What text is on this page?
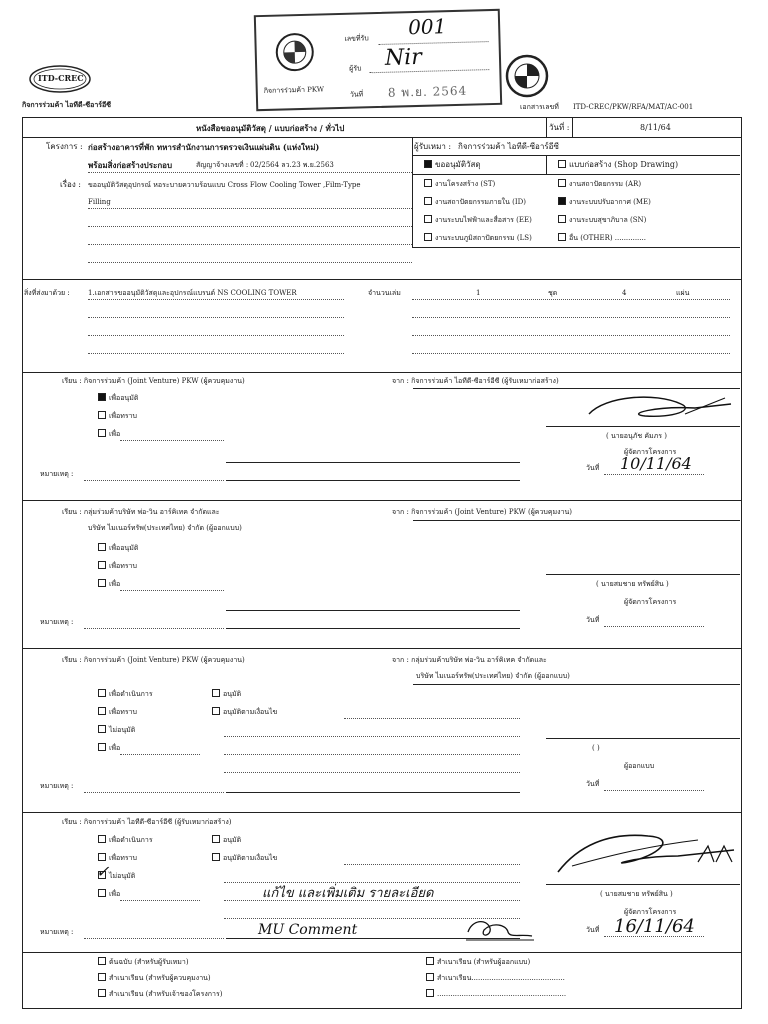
ITD-CREC
กิจการร่วมค้า ไอทีดี-ซีอาร์อีซี
เลขที่รับ 001
ผู้รับ Nir
กิจการร่วมค้า PKW	วันที่ 8 พ.ย. 2564
เอกสารเลขที่ ITD-CREC/PKW/RFA/MAT/AC-001
หนังสือขออนุมัติวัสดุ / แบบก่อสร้าง / ทั่วไป	วันที่ :	8/11/64
โครงการ : ก่อสร้างอาคารที่พัก ทหารสำนักงานการตรวจเงินแผ่นดิน (แห่งใหม่)
พร้อมสิ่งก่อสร้างประกอบ	สัญญาจ้างเลขที่ : 02/2564 ลว.23 พ.ย.2563
เรื่อง : ขออนุมัติวัสดุอุปกรณ์ หอระบายความร้อนแบบ Cross Flow Cooling Tower ,Film-Type
Filling
ผู้รับเหมา : กิจการร่วมค้า ไอทีดี-ซีอาร์อีซี
ขออนุมัติวัสดุ	แบบก่อสร้าง (Shop Drawing)
งานโครงสร้าง (ST)	งานสถาปัตยกรรม (AR)
งานสถาปัตยกรรมภายใน (ID)	งานระบบปรับอากาศ (ME)
งานระบบไฟฟ้าและสื่อสาร (EE)	งานระบบสุขาภิบาล (SN)
งานระบบภูมิสถาปัตยกรรม (LS)	อื่น (OTHER) ..............
สิ่งที่ส่งมาด้วย :	1.เอกสารขออนุมัติวัสดุและอุปกรณ์แบรนด์ NS COOLING TOWER	จำนวนเล่ม	1	ชุด	4	แผ่น
เรียน : กิจการร่วมค้า (Joint Venture) PKW (ผู้ควบคุมงาน)	จาก : กิจการร่วมค้า ไอทีดี-ซีอาร์อีซี (ผู้รับเหมาก่อสร้าง)
เพื่ออนุมัติ
เพื่อทราบ
เพื่อ	( นายอนุภัช คัมภร )
ผู้จัดการโครงการ
วันที่ 10/11/64
หมายเหตุ :
เรียน : กลุ่มร่วมค้าบริษัท พ่อ-วิน อาร์คิเทค จำกัดและ
บริษัท ไมเนอร์ทรัพ(ประเทศไทย) จำกัด (ผู้ออกแบบ)
จาก : กิจการร่วมค้า (Joint Venture) PKW (ผู้ควบคุมงาน)
เพื่ออนุมัติ
เพื่อทราบ
เพื่อ	( นายสมชาย ทรัพย์สิน )
ผู้จัดการโครงการ
วันที่
หมายเหตุ :
เรียน : กิจการร่วมค้า (Joint Venture) PKW (ผู้ควบคุมงาน)	จาก : กลุ่มร่วมค้าบริษัท พ่อ-วิน อาร์คิเทค จำกัดและ
บริษัท ไมเนอร์ทรัพ(ประเทศไทย) จำกัด (ผู้ออกแบบ)
เพื่อดำเนินการ
เพื่อทราบ
ไม่อนุมัติ
เพื่อ
อนุมัติ
อนุมัติตามเงื่อนไข
( )
ผู้ออกแบบ
วันที่
หมายเหตุ :
เรียน : กิจการร่วมค้า ไอทีดี-ซีอาร์อีซี (ผู้รับเหมาก่อสร้าง)
เพื่อดำเนินการ
เพื่อทราบ
ไม่อนุมัติ
✓
เพื่อ
อนุมัติ
อนุมัติตามเงื่อนไข
แก้ไข และเพิ่มเติม รายละเอียด
MU Comment
( นายสมชาย ทรัพย์สิน )
ผู้จัดการโครงการ
วันที่ 16/11/64
หมายเหตุ :
ต้นฉบับ (สำหรับผู้รับเหมา)
สำเนาเรียน (สำหรับผู้ควบคุมงาน)
สำเนาเรียน (สำหรับเจ้าของโครงการ)
สำเนาเรียน (สำหรับผู้ออกแบบ)
สำเนาเรียน..........................................
..........................................................
